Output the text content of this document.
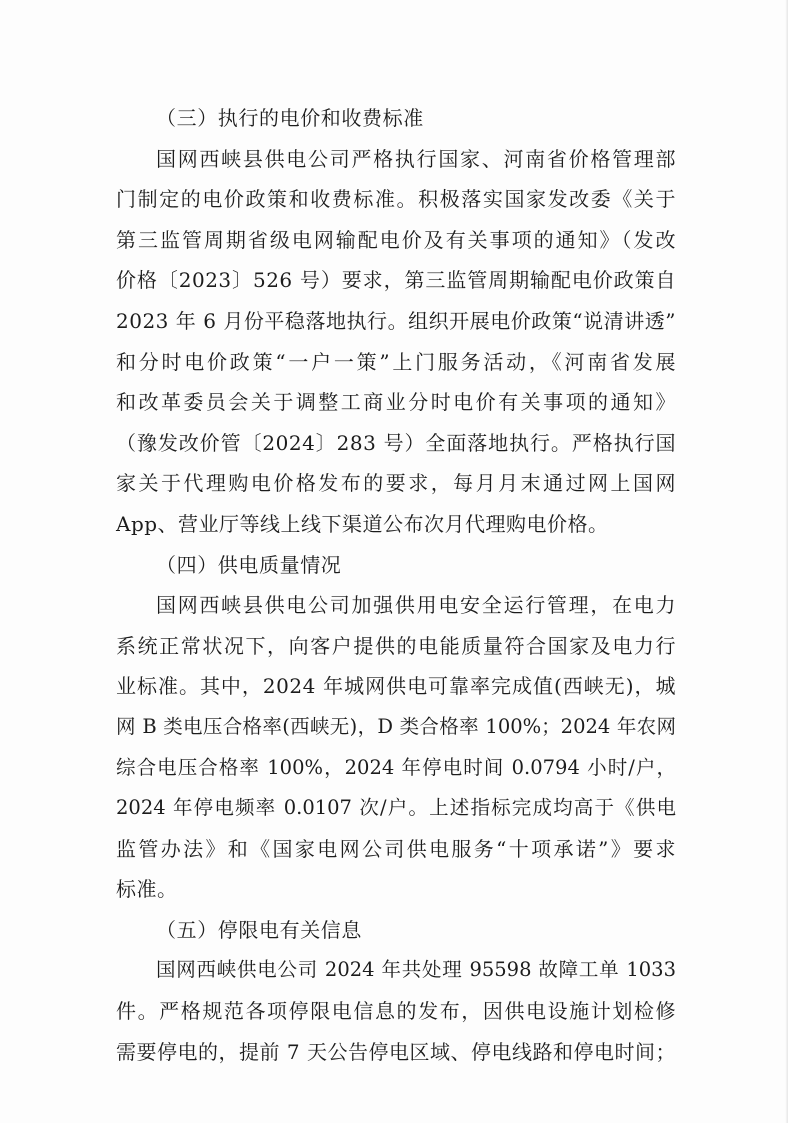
（三）执行的电价和收费标准
国网西峡县供电公司严格执行国家、河南省价格管理部
门制定的电价政策和收费标准。积极落实国家发改委《关于
第三监管周期省级电网输配电价及有关事项的通知》（发改
价格〔2023〕526 号）要求，第三监管周期输配电价政策自
2023 年 6 月份平稳落地执行。组织开展电价政策“说清讲透”
和分时电价政策“一户一策”上门服务活动，《河南省发展
和改革委员会关于调整工商业分时电价有关事项的通知》
（豫发改价管〔2024〕283 号）全面落地执行。严格执行国
家关于代理购电价格发布的要求，每月月末通过网上国网
App、营业厅等线上线下渠道公布次月代理购电价格。
（四）供电质量情况
国网西峡县供电公司加强供用电安全运行管理，在电力
系统正常状况下，向客户提供的电能质量符合国家及电力行
业标准。其中，2024 年城网供电可靠率完成值(西峡无)，城
网 B 类电压合格率(西峡无)，D 类合格率 100%；2024 年农网
综合电压合格率 100%，2024 年停电时间 0.0794 小时/户，
2024 年停电频率 0.0107 次/户。上述指标完成均高于《供电
监管办法》和《国家电网公司供电服务“十项承诺”》要求
标准。
（五）停限电有关信息
国网西峡供电公司 2024 年共处理 95598 故障工单 1033
件。严格规范各项停限电信息的发布，因供电设施计划检修
需要停电的，提前 7 天公告停电区域、停电线路和停电时间；
